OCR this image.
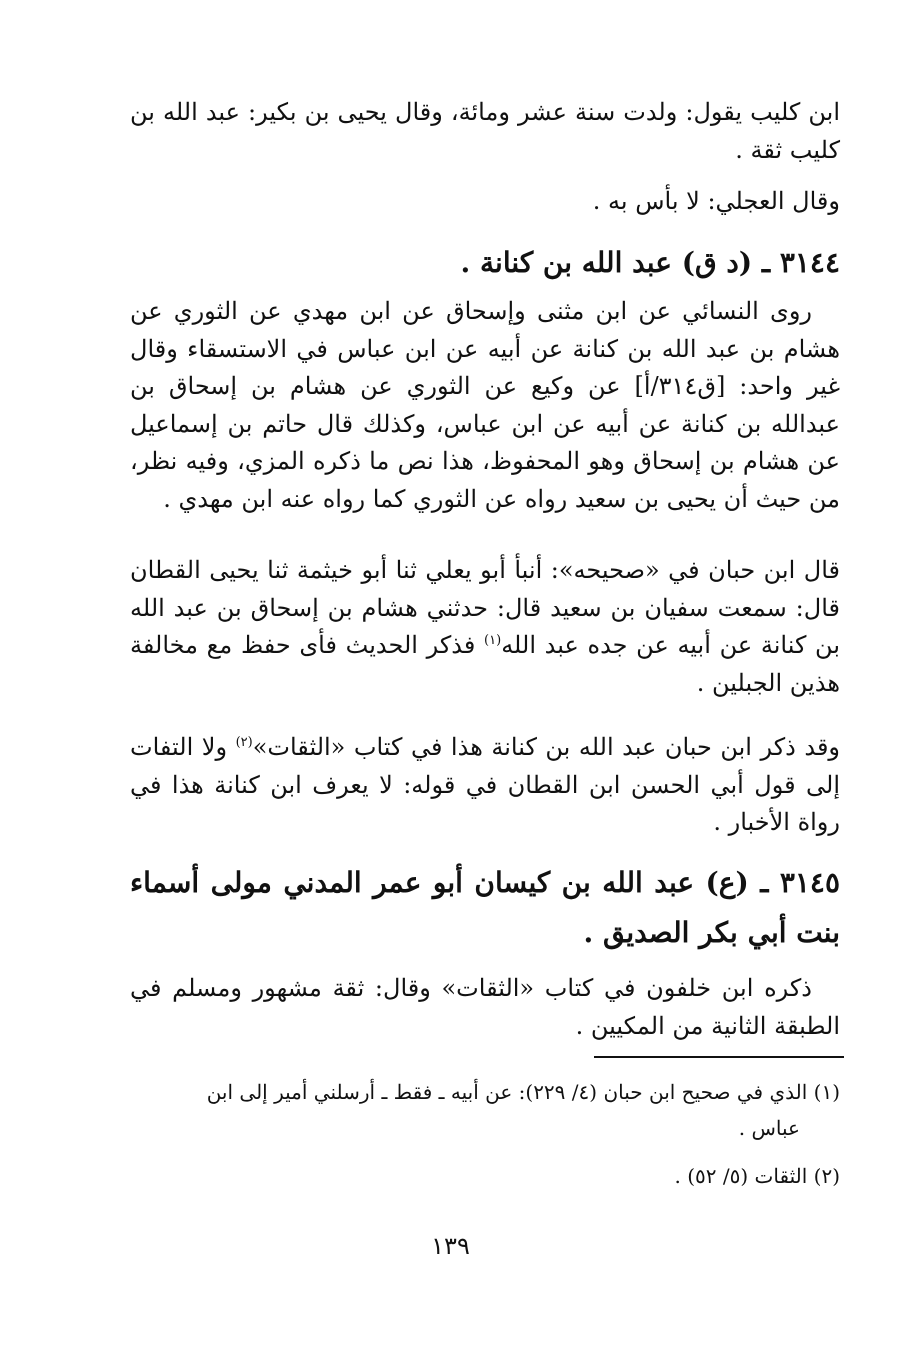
ابن كليب يقول: ولدت سنة عشر ومائة، وقال يحيى بن بكير: عبد الله بن كليب ثقة .
وقال العجلي: لا بأس به .
٣١٤٤ ـ (د ق) عبد الله بن كنانة .
روى النسائي عن ابن مثنى وإسحاق عن ابن مهدي عن الثوري عن هشام بن عبد الله بن كنانة عن أبيه عن ابن عباس في الاستسقاء وقال غير واحد: [ق٣١٤/أ] عن وكيع عن الثوري عن هشام بن إسحاق بن عبدالله بن كنانة عن أبيه عن ابن عباس، وكذلك قال حاتم بن إسماعيل عن هشام بن إسحاق وهو المحفوظ، هذا نص ما ذكره المزي، وفيه نظر، من حيث أن يحيى بن سعيد رواه عن الثوري كما رواه عنه ابن مهدي .
قال ابن حبان في «صحيحه»: أنبأ أبو يعلي ثنا أبو خيثمة ثنا يحيى القطان قال: سمعت سفيان بن سعيد قال: حدثني هشام بن إسحاق بن عبد الله بن كنانة عن أبيه عن جده عبد الله$^{(١)}$ فذكر الحديث فأى حفظ مع مخالفة هذين الجبلين .
وقد ذكر ابن حبان عبد الله بن كنانة هذا في كتاب «الثقات»$^{(٢)}$ ولا التفات إلى قول أبي الحسن ابن القطان في قوله: لا يعرف ابن كنانة هذا في رواة الأخبار .
٣١٤٥ ـ (ع) عبد الله بن كيسان أبو عمر المدني مولى أسماء بنت أبي بكر الصديق .
ذكره ابن خلفون في كتاب «الثقات» وقال: ثقة مشهور ومسلم في الطبقة الثانية من المكيين .
(١) الذي في صحيح ابن حبان (٤/ ٢٢٩): عن أبيه ـ فقط ـ أرسلني أمير إلى ابن
عباس .
(٢) الثقات (٥/ ٥٢) .
١٣٩
